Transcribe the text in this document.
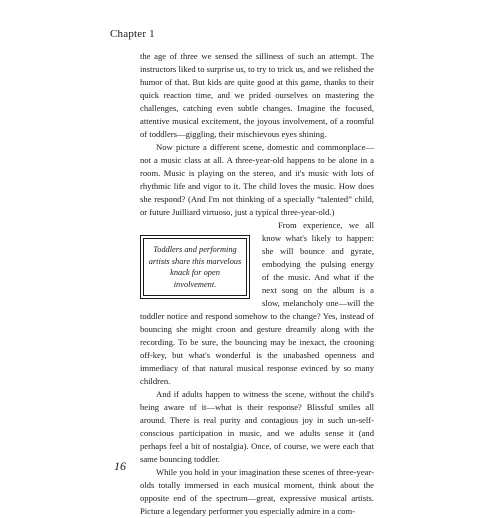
Chapter 1

the age of three we sensed the silliness of such an attempt. The instructors liked to surprise us, to try to trick us, and we relished the humor of that. But kids are quite good at this game, thanks to their quick reaction time, and we prided ourselves on mastering the challenges, catching even subtle changes. Imagine the focused, attentive musical excitement, the joyous involvement, of a roomful of toddlers—giggling, their mischievous eyes shining.

Now picture a different scene, domestic and commonplace—not a music class at all. A three-year-old happens to be alone in a room. Music is playing on the stereo, and it's music with lots of rhythmic life and vigor to it. The child loves the music. How does she respond? (And I'm not thinking of a specially “talented” child, or future Juilliard virtuoso, just a typical three-year-old.)

Toddlers and performing artists share this marvelous knack for open involvement.

From experience, we all know what's likely to happen: she will bounce and gyrate, embodying the pulsing energy of the music. And what if the next song on the album is a slow, melancholy one—will the toddler notice and respond somehow to the change? Yes, instead of bouncing she might croon and gesture dreamily along with the recording. To be sure, the bouncing may be inexact, the crooning off-key, but what's wonderful is the unabashed openness and immediacy of that natural musical response evinced by so many children.

And if adults happen to witness the scene, without the child's being aware of it—what is their response? Blissful smiles all around. There is real purity and contagious joy in such un-self-conscious participation in music, and we adults sense it (and perhaps feel a bit of nostalgia). Once, of course, we were each that same bouncing toddler.

While you hold in your imagination these scenes of three-year-olds totally immersed in each musical moment, think about the opposite end of the spectrum—great, expressive musical artists. Picture a legendary performer you especially admire in a com-

16
